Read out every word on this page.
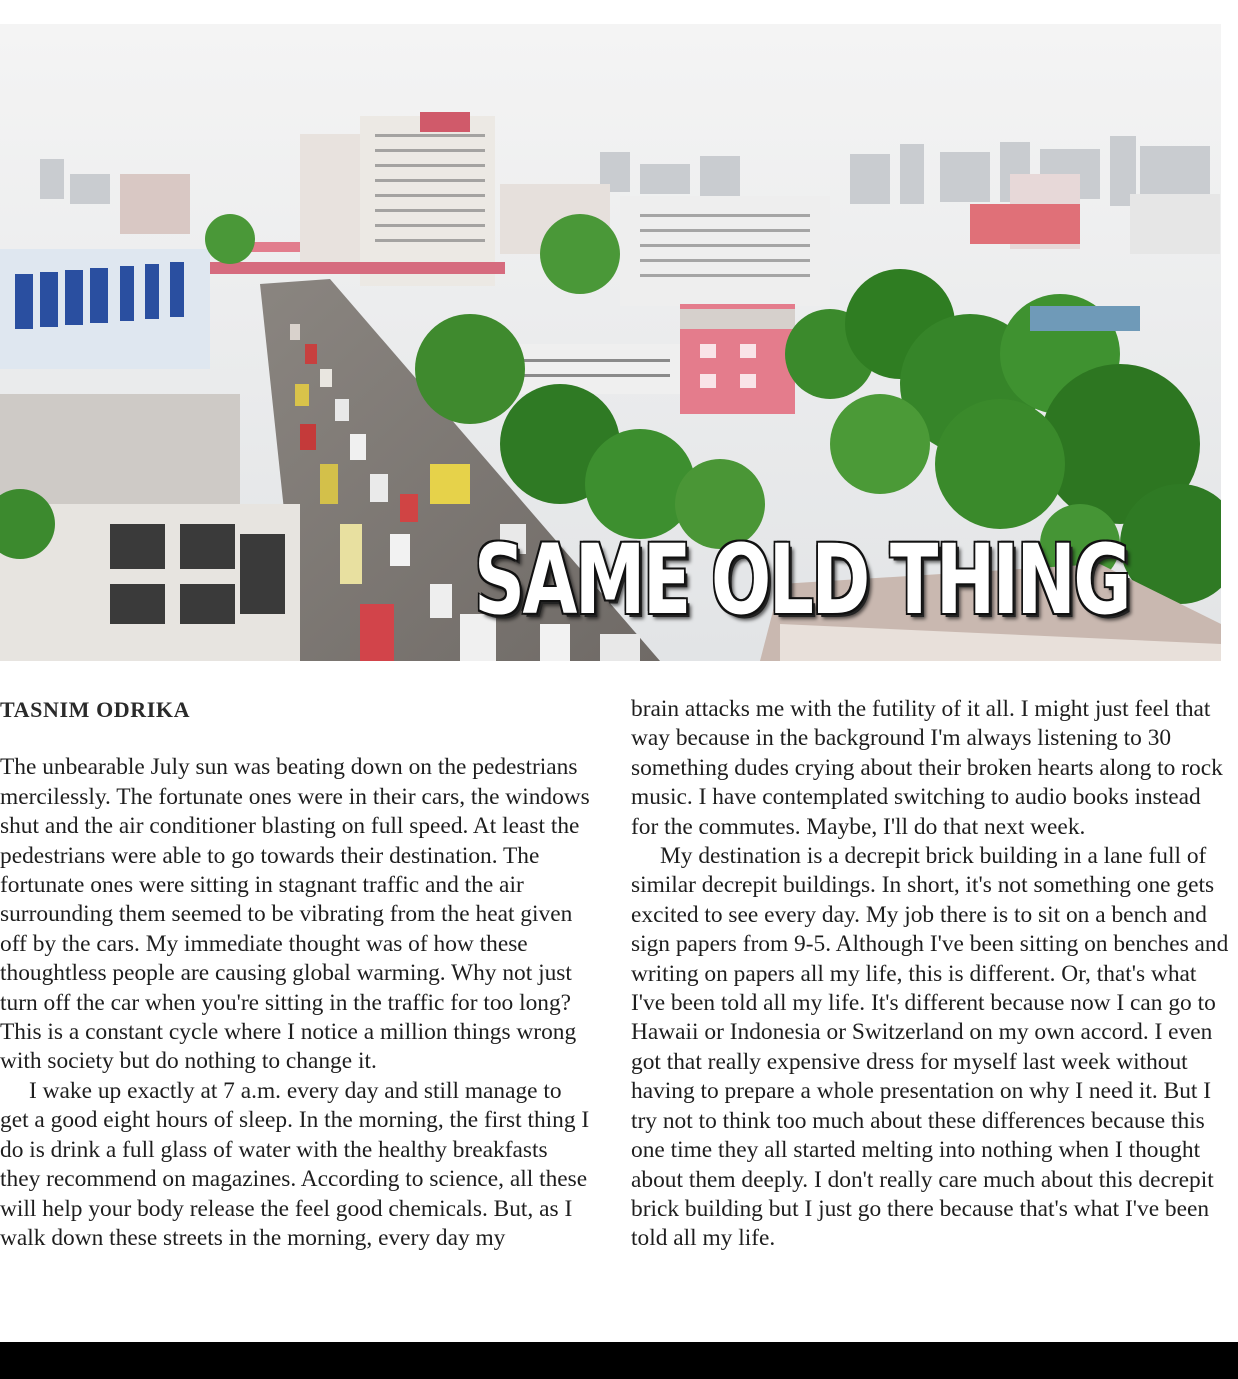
SAME OLD THING
TASNIM ODRIKA

The unbearable July sun was beating down on the pedestrians mercilessly. The fortunate ones were in their cars, the windows shut and the air conditioner blasting on full speed. At least the pedestrians were able to go towards their destination. The fortunate ones were sitting in stagnant traffic and the air surrounding them seemed to be vibrating from the heat given off by the cars. My immediate thought was of how these thoughtless people are causing global warming. Why not just turn off the car when you're sitting in the traffic for too long? This is a constant cycle where I notice a million things wrong with society but do nothing to change it.

I wake up exactly at 7 a.m. every day and still manage to get a good eight hours of sleep. In the morning, the first thing I do is drink a full glass of water with the healthy breakfasts they recommend on magazines. According to science, all these will help your body release the feel good chemicals. But, as I walk down these streets in the morning, every day my

brain attacks me with the futility of it all. I might just feel that way because in the background I'm always listening to 30 something dudes crying about their broken hearts along to rock music. I have contemplated switching to audio books instead for the commutes. Maybe, I'll do that next week.

My destination is a decrepit brick building in a lane full of similar decrepit buildings. In short, it's not something one gets excited to see every day. My job there is to sit on a bench and sign papers from 9-5. Although I've been sitting on benches and writing on papers all my life, this is different. Or, that's what I've been told all my life. It's different because now I can go to Hawaii or Indonesia or Switzerland on my own accord. I even got that really expensive dress for myself last week without having to prepare a whole presentation on why I need it. But I try not to think too much about these differences because this one time they all started melting into nothing when I thought about them deeply. I don't really care much about this decrepit brick building but I just go there because that's what I've been told all my life.
